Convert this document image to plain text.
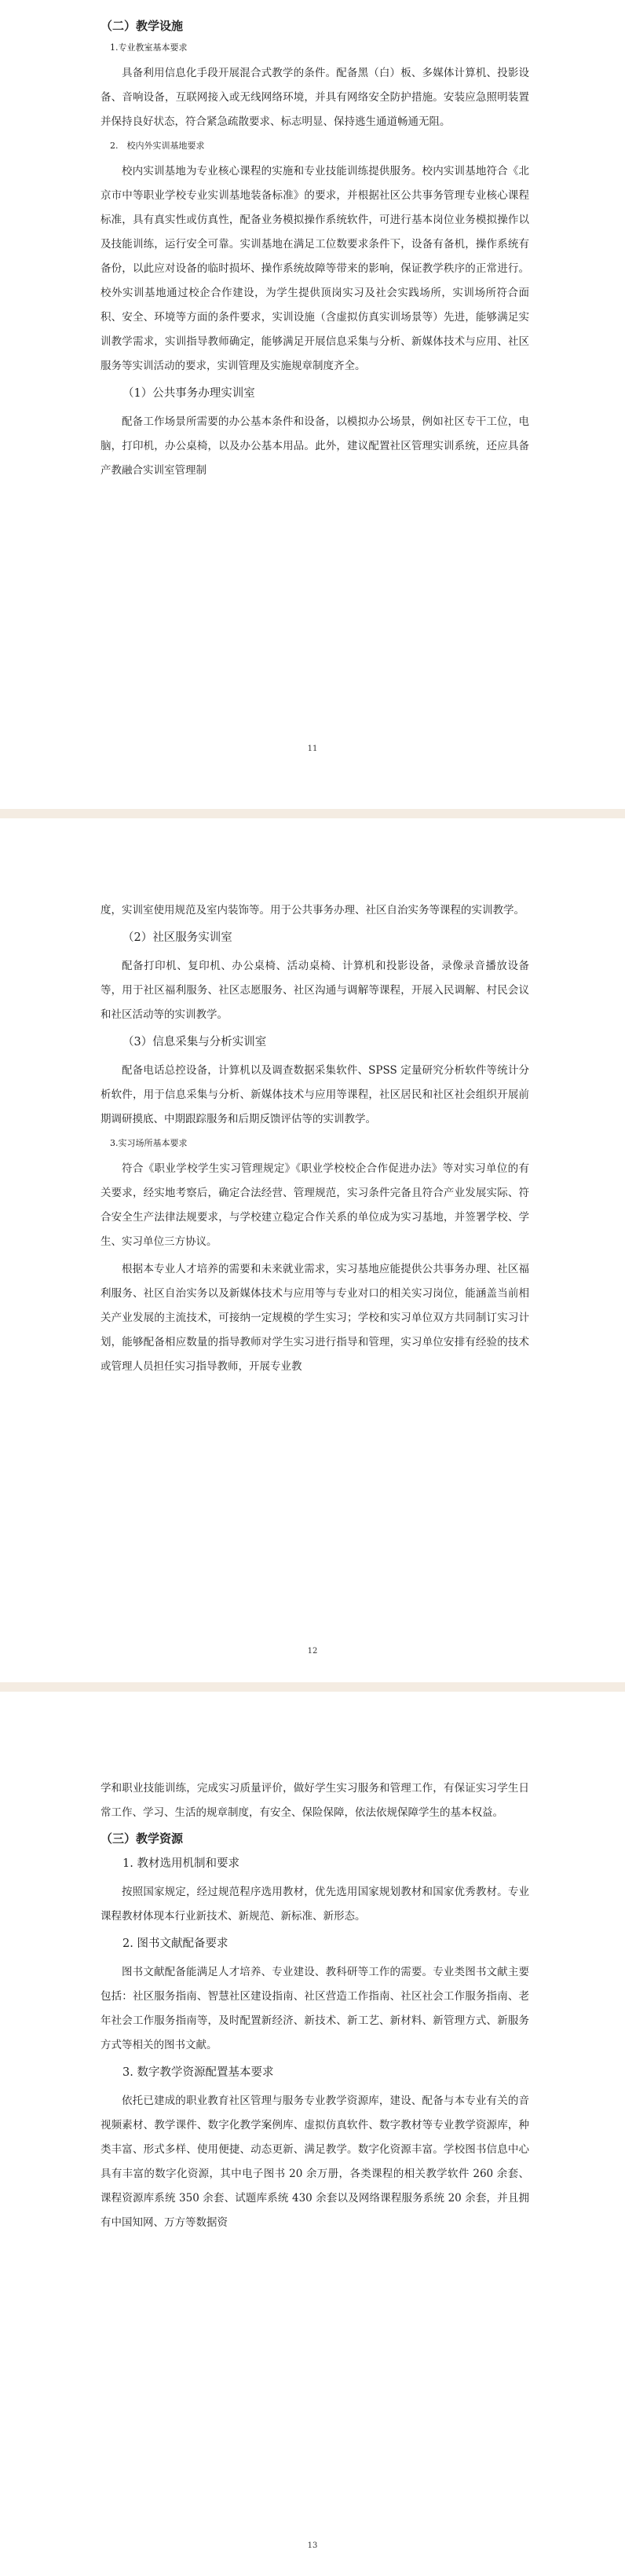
（二）教学设施
1.专业教室基本要求
具备利用信息化手段开展混合式教学的条件。配备黑（白）板、多媒体计算机、投影设备、音响设备，互联网接入或无线网络环境，并具有网络安全防护措施。安装应急照明装置并保持良好状态，符合紧急疏散要求、标志明显、保持逃生通道畅通无阻。
2.　校内外实训基地要求
校内实训基地为专业核心课程的实施和专业技能训练提供服务。校内实训基地符合《北京市中等职业学校专业实训基地装备标准》的要求，并根据社区公共事务管理专业核心课程标准，具有真实性或仿真性，配备业务模拟操作系统软件，可进行基本岗位业务模拟操作以及技能训练，运行安全可靠。实训基地在满足工位数要求条件下，设备有备机，操作系统有备份，以此应对设备的临时损坏、操作系统故障等带来的影响，保证教学秩序的正常进行。校外实训基地通过校企合作建设，为学生提供顶岗实习及社会实践场所，实训场所符合面积、安全、环境等方面的条件要求，实训设施（含虚拟仿真实训场景等）先进，能够满足实训教学需求，实训指导教师确定，能够满足开展信息采集与分析、新媒体技术与应用、社区服务等实训活动的要求，实训管理及实施规章制度齐全。
（1）公共事务办理实训室
配备工作场景所需要的办公基本条件和设备，以模拟办公场景，例如社区专干工位，电脑，打印机，办公桌椅，以及办公基本用品。此外，建议配置社区管理实训系统，还应具备产教融合实训室管理制
11
度，实训室使用规范及室内装饰等。用于公共事务办理、社区自治实务等课程的实训教学。
（2）社区服务实训室
配备打印机、复印机、办公桌椅、活动桌椅、计算机和投影设备，录像录音播放设备等，用于社区福利服务、社区志愿服务、社区沟通与调解等课程，开展入民调解、村民会议和社区活动等的实训教学。
（3）信息采集与分析实训室
配备电话总控设备，计算机以及调查数据采集软件、SPSS 定量研究分析软件等统计分析软件，用于信息采集与分析、新媒体技术与应用等课程，社区居民和社区社会组织开展前期调研摸底、中期跟踪服务和后期反馈评估等的实训教学。
3.实习场所基本要求
符合《职业学校学生实习管理规定》《职业学校校企合作促进办法》等对实习单位的有关要求，经实地考察后，确定合法经营、管理规范，实习条件完备且符合产业发展实际、符合安全生产法律法规要求，与学校建立稳定合作关系的单位成为实习基地，并签署学校、学生、实习单位三方协议。
根据本专业人才培养的需要和未来就业需求，实习基地应能提供公共事务办理、社区福利服务、社区自治实务以及新媒体技术与应用等与专业对口的相关实习岗位，能涵盖当前相关产业发展的主流技术，可接纳一定规模的学生实习；学校和实习单位双方共同制订实习计划，能够配备相应数量的指导教师对学生实习进行指导和管理，实习单位安排有经验的技术或管理人员担任实习指导教师，开展专业教
12
学和职业技能训练，完成实习质量评价，做好学生实习服务和管理工作，有保证实习学生日常工作、学习、生活的规章制度，有安全、保险保障，依法依规保障学生的基本权益。
（三）教学资源
1. 教材选用机制和要求
按照国家规定，经过规范程序选用教材，优先选用国家规划教材和国家优秀教材。专业课程教材体现本行业新技术、新规范、新标准、新形态。
2. 图书文献配备要求
图书文献配备能满足人才培养、专业建设、教科研等工作的需要。专业类图书文献主要包括：社区服务指南、智慧社区建设指南、社区营造工作指南、社区社会工作服务指南、老年社会工作服务指南等，及时配置新经济、新技术、新工艺、新材料、新管理方式、新服务方式等相关的图书文献。
3. 数字教学资源配置基本要求
依托已建成的职业教育社区管理与服务专业教学资源库，建设、配备与本专业有关的音视频素材、教学课件、数字化教学案例库、虚拟仿真软件、数字教材等专业教学资源库，种类丰富、形式多样、使用便捷、动态更新、满足教学。数字化资源丰富。学校图书信息中心具有丰富的数字化资源，其中电子图书 20 余万册，各类课程的相关教学软件 260 余套、课程资源库系统 350 余套、试题库系统 430 余套以及网络课程服务系统 20 余套，并且拥有中国知网、万方等数据资
13
